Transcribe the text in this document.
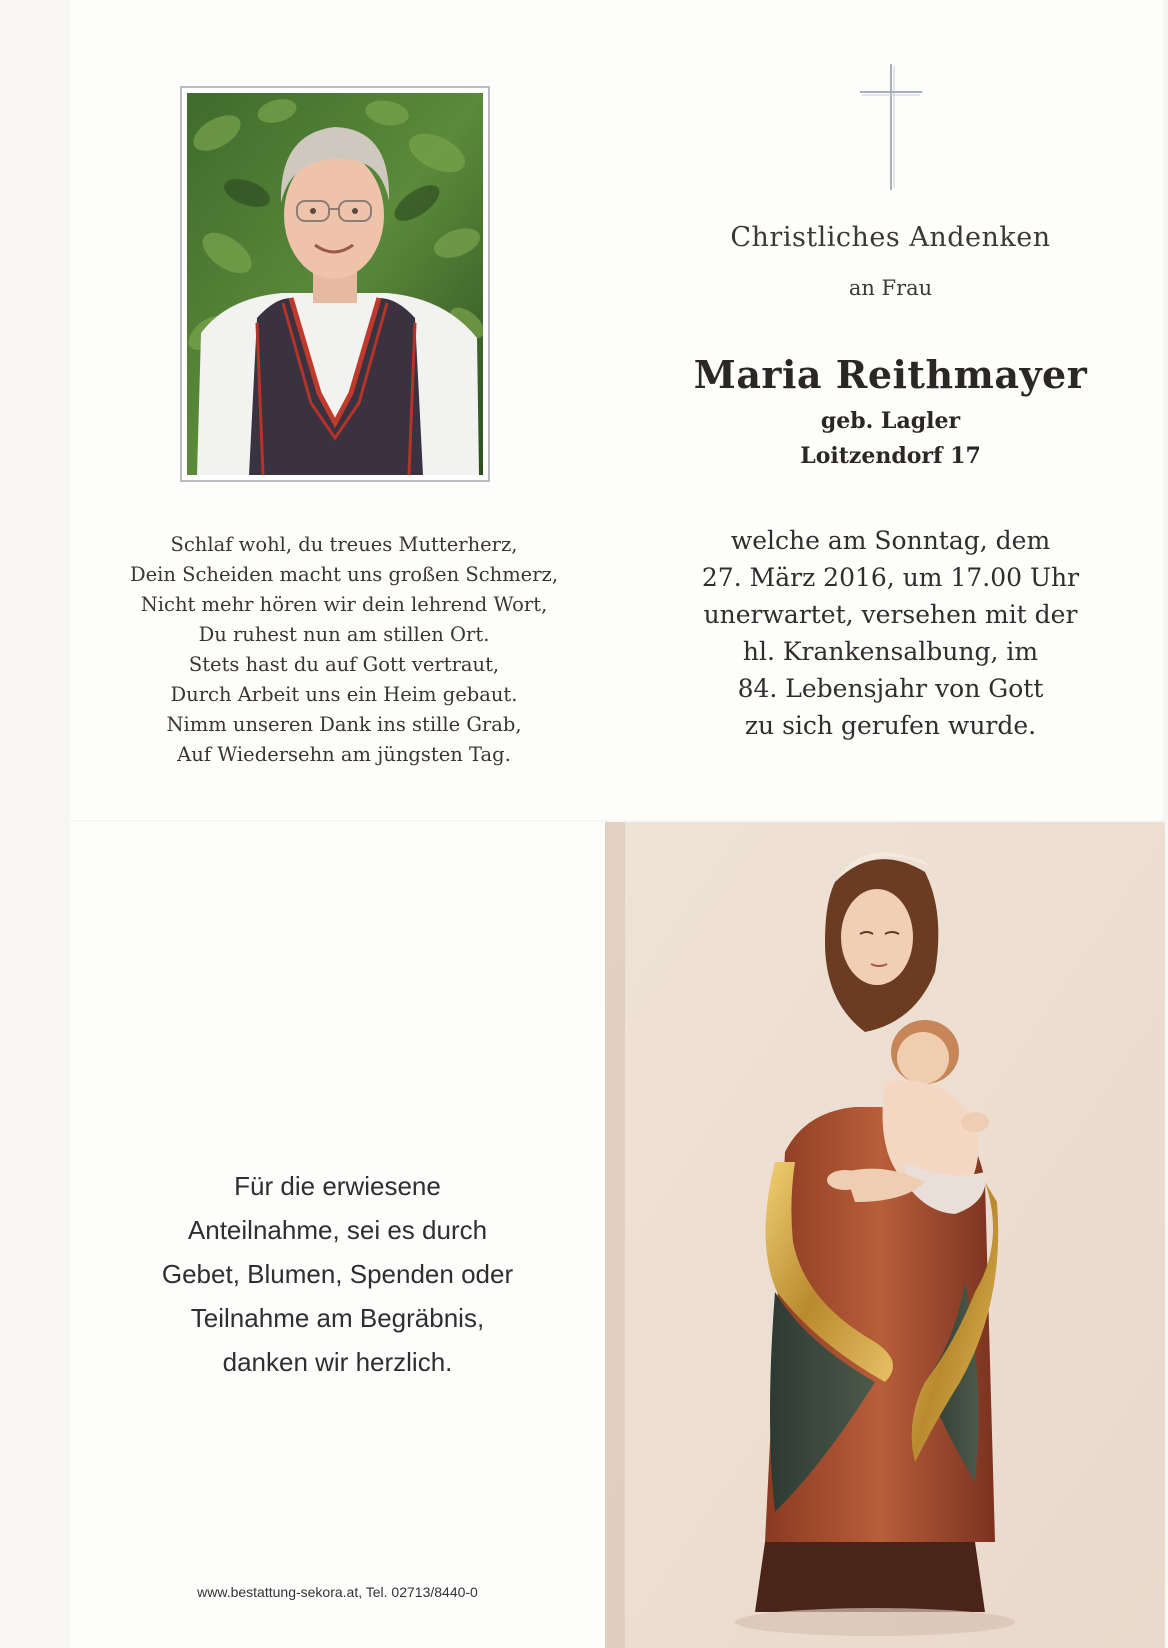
Schlaf wohl, du treues Mutterherz,
Dein Scheiden macht uns großen Schmerz,
Nicht mehr hören wir dein lehrend Wort,
Du ruhest nun am stillen Ort.
Stets hast du auf Gott vertraut,
Durch Arbeit uns ein Heim gebaut.
Nimm unseren Dank ins stille Grab,
Auf Wiedersehn am jüngsten Tag.
Christliches Andenken
an Frau
Maria Reithmayer
geb. Lagler
Loitzendorf 17
welche am Sonntag, dem
27. März 2016, um 17.00 Uhr
unerwartet, versehen mit der
hl. Krankensalbung, im
84. Lebensjahr von Gott
zu sich gerufen wurde.
Für die erwiesene
Anteilnahme, sei es durch
Gebet, Blumen, Spenden oder
Teilnahme am Begräbnis,
danken wir herzlich.
www.bestattung-sekora.at, Tel. 02713/8440-0
